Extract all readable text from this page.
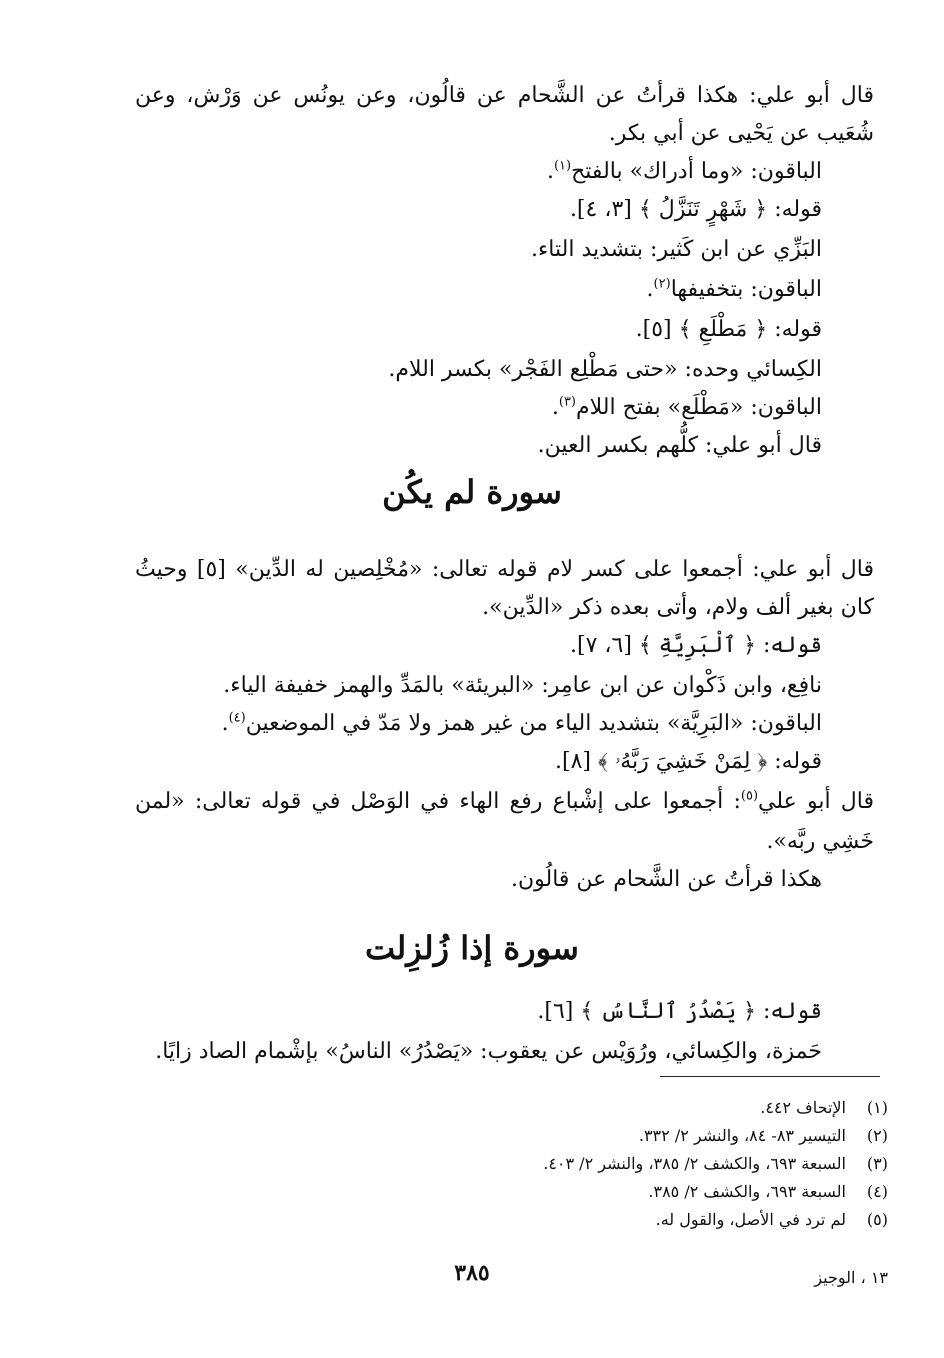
قال أبو علي: هكذا قرأتُ عن الشَّحام عن قالُون، وعن يونُس عن وَرْش، وعن
شُعَيب عن يَحْيى عن أبي بكر.
الباقون: «وما أدراك» بالفتح$^{(١)}$.
قوله: ﴿ شَهْرٍ تَنَزَّلُ ﴾ [٣، ٤].
البَزِّي عن ابن كَثير: بتشديد التاء.
الباقون: بتخفيفها$^{(٢)}$.
قوله: ﴿ مَطْلَعِ ﴾ [٥].
الكِسائي وحده: «حتى مَطْلِع الفَجْر» بكسر اللام.
الباقون: «مَطْلَع» بفتح اللام$^{(٣)}$.
قال أبو علي: كلُّهم بكسر العين.
سورة لم يكُن
قال أبو علي: أجمعوا على كسر لام قوله تعالى: «مُخْلِصين له الدِّين» [٥] وحيثُ
كان بغير ألف ولام، وأتى بعده ذكر «الدِّين».
قوله: ﴿ ٱلْبَرِيَّةِ ﴾ [٦، ٧].
نافِع، وابن ذَكْوان عن ابن عامِر: «البريئة» بالمَدِّ والهمز خفيفة الياء.
الباقون: «البَرِيَّة» بتشديد الياء من غير همز ولا مَدّ في الموضعين$^{(٤)}$.
قوله: ﴿ لِمَنْ خَشِيَ رَبَّهُۥ ﴾ [٨].
قال أبو علي$^{(٥)}$: أجمعوا على إشْباع رفع الهاء في الوَصْل في قوله تعالى: «لمن
خَشِي ربَّه».
هكذا قرأتُ عن الشَّحام عن قالُون.
سورة إذا زُلزِلت
قوله: ﴿ يَصْدُرُ ٱلنَّاسُ ﴾ [٦].
حَمزة، والكِسائي، ورُوَيْس عن يعقوب: «يَصْدُرُ» الناسُ» بإشْمام الصاد زايًا.
(١)الإتحاف ٤٤٢.
(٢)التيسير ٨٣- ٨٤، والنشر ٢/ ٣٣٢.
(٣)السبعة ٦٩٣، والكشف ٢/ ٣٨٥، والنشر ٢/ ٤٠٣.
(٤)السبعة ٦٩٣، والكشف ٢/ ٣٨٥.
(٥)لم ترد في الأصل، والقول له.
٣٨٥	١٣ ، الوجيز
